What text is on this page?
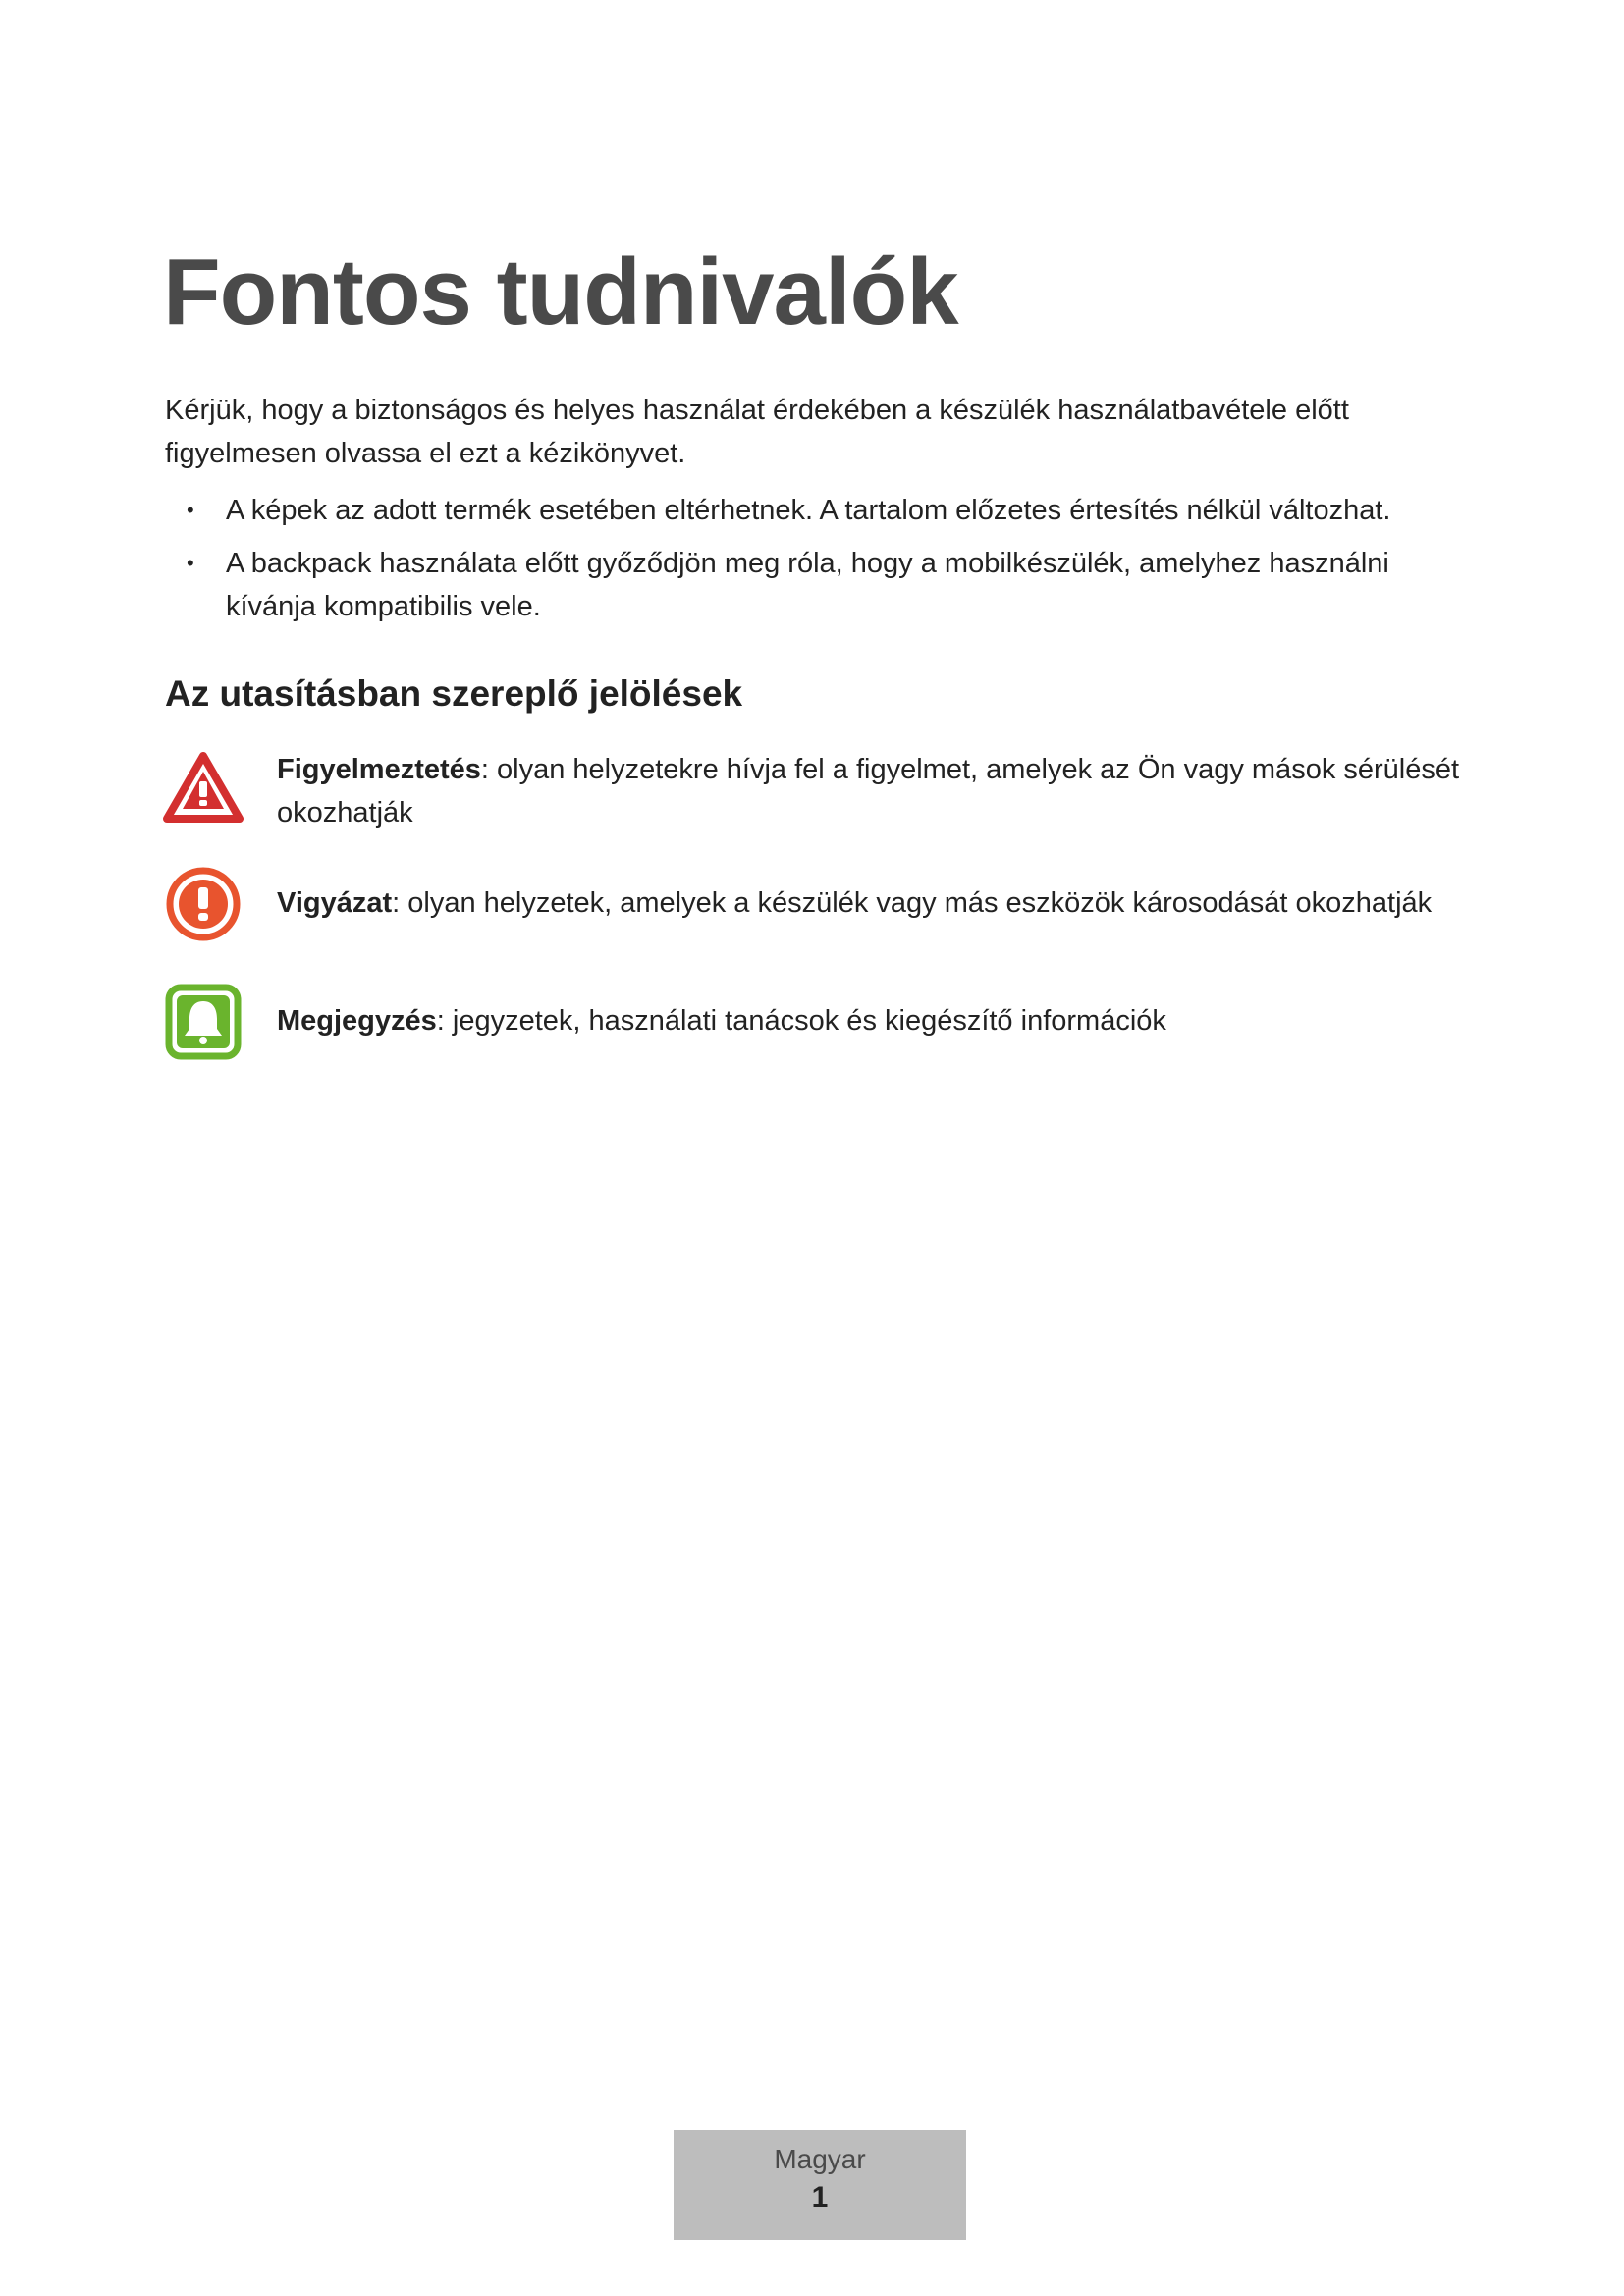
Fontos tudnivalók

Kérjük, hogy a biztonságos és helyes használat érdekében a készülék használatbavétele előtt figyelmesen olvassa el ezt a kézikönyvet.

• A képek az adott termék esetében eltérhetnek. A tartalom előzetes értesítés nélkül változhat.
• A backpack használata előtt győződjön meg róla, hogy a mobilkészülék, amelyhez használni kívánja kompatibilis vele.
Az utasításban szereplő jelölések
Figyelmeztetés: olyan helyzetekre hívja fel a figyelmet, amelyek az Ön vagy mások sérülését okozhatják
Vigyázat: olyan helyzetek, amelyek a készülék vagy más eszközök károsodását okozhatják
Megjegyzés: jegyzetek, használati tanácsok és kiegészítő információk
Magyar
1
